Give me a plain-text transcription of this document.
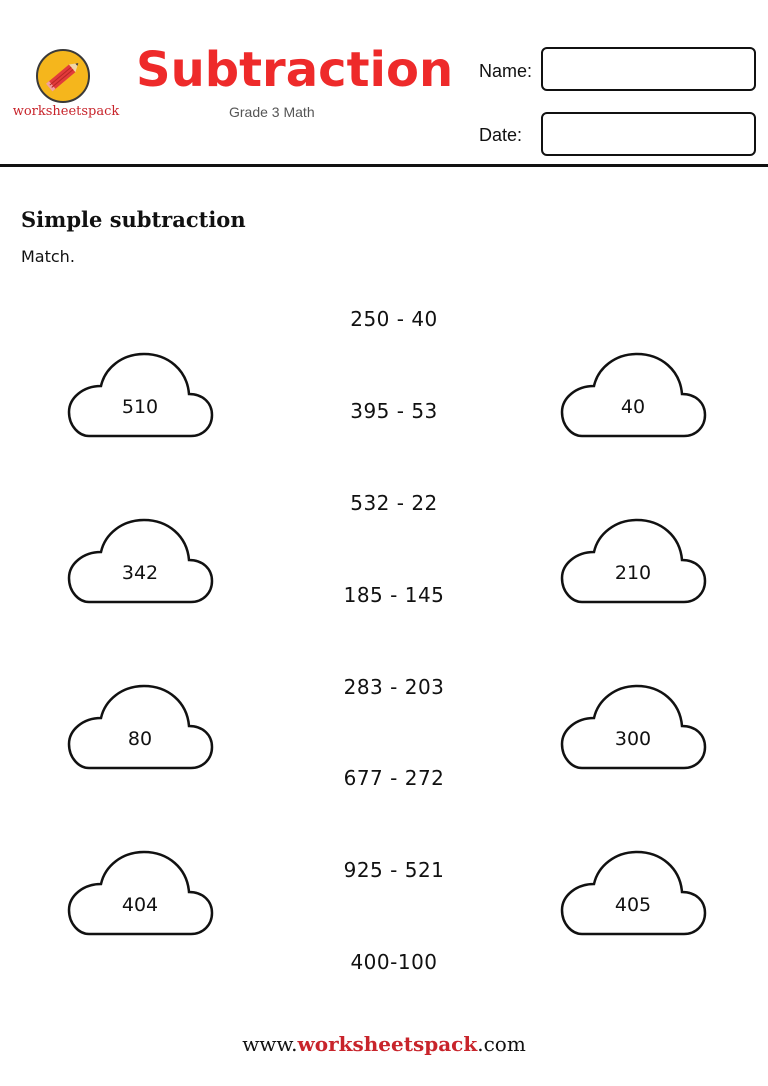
worksheetspack
Subtraction
Grade 3 Math
Name:
Date:
Simple subtraction
Match.
250 - 40
395 - 53
532 - 22
185 - 145
283 - 203
677 - 272
925 - 521
400-100
510
342
80
404
40
210
300
405
www.worksheetspack.com
